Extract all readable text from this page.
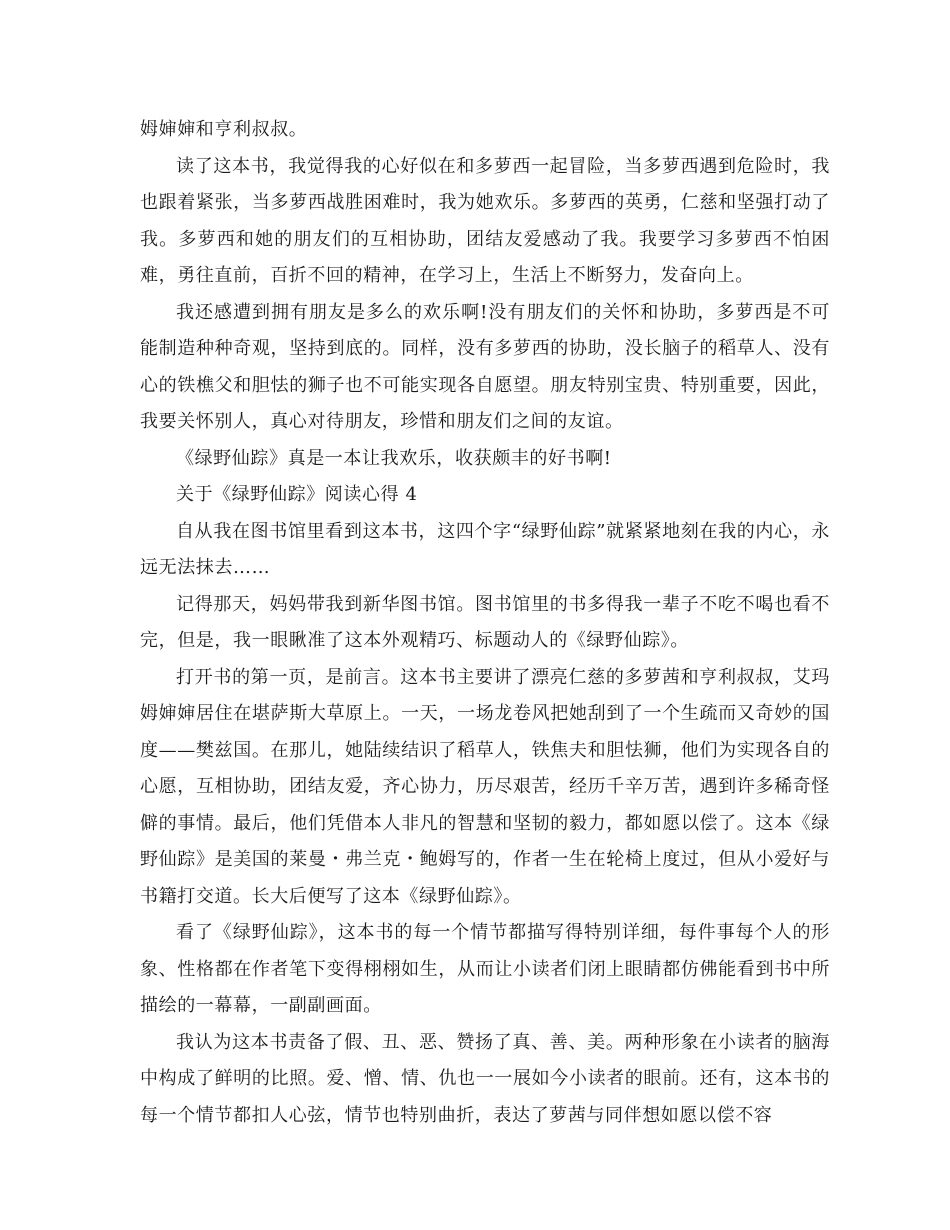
姆婶婶和亨利叔叔。

读了这本书，我觉得我的心好似在和多萝西一起冒险，当多萝西遇到危险时，我也跟着紧张，当多萝西战胜困难时，我为她欢乐。多萝西的英勇，仁慈和坚强打动了我。多萝西和她的朋友们的互相协助，团结友爱感动了我。我要学习多萝西不怕困难，勇往直前，百折不回的精神，在学习上，生活上不断努力，发奋向上。

我还感遭到拥有朋友是多么的欢乐啊!没有朋友们的关怀和协助，多萝西是不可能制造种种奇观，坚持到底的。同样，没有多萝西的协助，没长脑子的稻草人、没有心的铁樵父和胆怯的狮子也不可能实现各自愿望。朋友特别宝贵、特别重要，因此，我要关怀别人，真心对待朋友，珍惜和朋友们之间的友谊。

《绿野仙踪》真是一本让我欢乐，收获颇丰的好书啊!

关于《绿野仙踪》阅读心得 4

自从我在图书馆里看到这本书，这四个字“绿野仙踪”就紧紧地刻在我的内心，永远无法抹去……

记得那天，妈妈带我到新华图书馆。图书馆里的书多得我一辈子不吃不喝也看不完，但是，我一眼瞅准了这本外观精巧、标题动人的《绿野仙踪》。

打开书的第一页，是前言。这本书主要讲了漂亮仁慈的多萝茜和亨利叔叔，艾玛姆婶婶居住在堪萨斯大草原上。一天，一场龙卷风把她刮到了一个生疏而又奇妙的国度——樊兹国。在那儿，她陆续结识了稻草人，铁焦夫和胆怯狮，他们为实现各自的心愿，互相协助，团结友爱，齐心协力，历尽艰苦，经历千辛万苦，遇到许多稀奇怪僻的事情。最后，他们凭借本人非凡的智慧和坚韧的毅力，都如愿以偿了。这本《绿野仙踪》是美国的莱曼・弗兰克・鲍姆写的，作者一生在轮椅上度过，但从小爱好与书籍打交道。长大后便写了这本《绿野仙踪》。

看了《绿野仙踪》，这本书的每一个情节都描写得特别详细，每件事每个人的形象、性格都在作者笔下变得栩栩如生，从而让小读者们闭上眼睛都仿佛能看到书中所描绘的一幕幕，一副副画面。

我认为这本书责备了假、丑、恶、赞扬了真、善、美。两种形象在小读者的脑海中构成了鲜明的比照。爱、憎、情、仇也一一展如今小读者的眼前。还有，这本书的每一个情节都扣人心弦，情节也特别曲折，表达了萝茜与同伴想如愿以偿不容
